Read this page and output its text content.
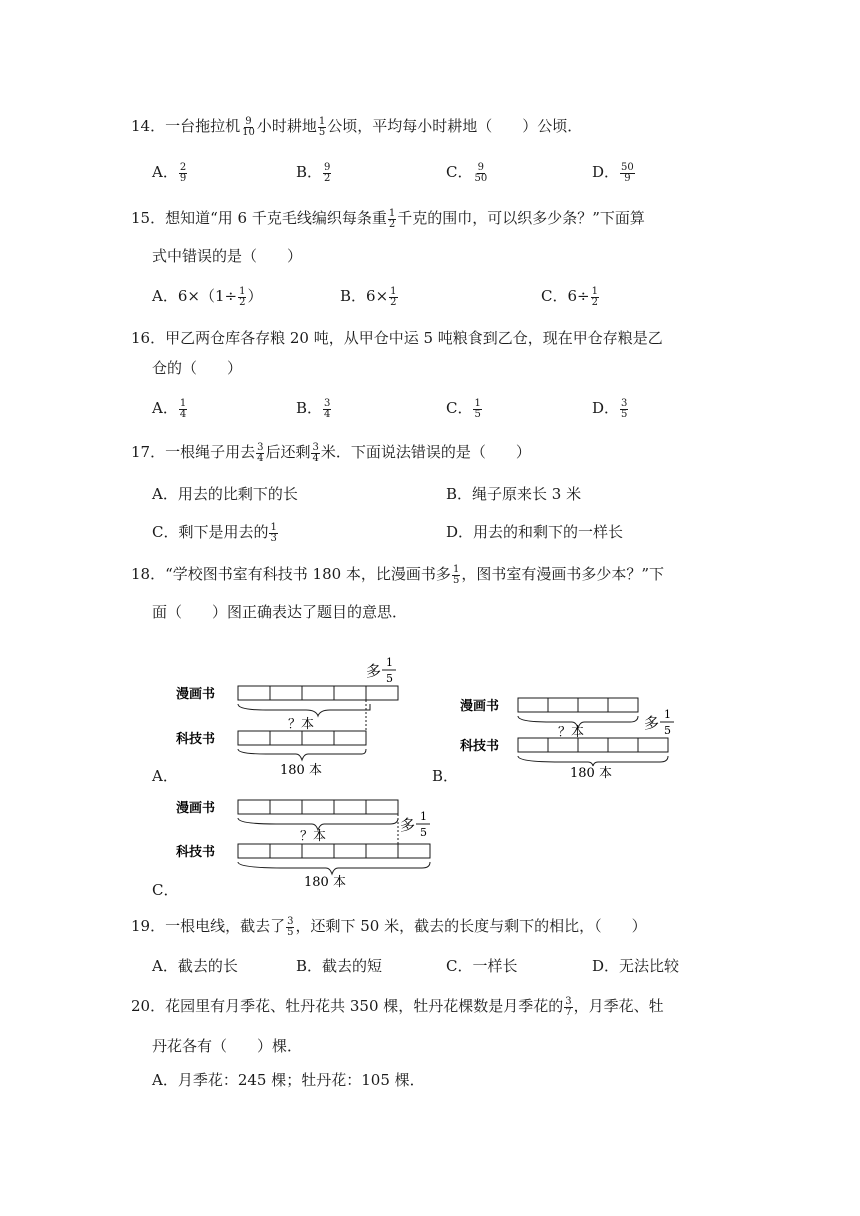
14．一台拖拉机 $\frac{9}{10}$ 小时耕地 $\frac{1}{5}$ 公顷，平均每小时耕地（　　）公顷．
A． $\frac{2}{9}$	B． $\frac{9}{2}$	C． $\frac{9}{50}$	D． $\frac{50}{9}$
15．想知道“用 6 千克毛线编织每条重 $\frac{1}{2}$ 千克的围巾，可以织多少条？”下面算
式中错误的是（　　）
A．$6\times(1\div \frac{1}{2}$ ）	B．$6\times \frac{1}{2}$	C．$6\div \frac{1}{2}$
16．甲乙两仓库各存粮 20 吨，从甲仓中运 5 吨粮食到乙仓，现在甲仓存粮是乙
仓的（　　）
A． $\frac{1}{4}$	B． $\frac{3}{4}$	C． $\frac{1}{5}$	D． $\frac{3}{5}$
17．一根绳子用去 $\frac{3}{4}$ 后还剩 $\frac{3}{4}$ 米．下面说法错误的是（　　）
A．用去的比剩下的长	B．绳子原来长 3 米
C．剩下是用去的 $\frac{1}{3}$	D．用去的和剩下的一样长
18．“学校图书室有科技书 180 本，比漫画书多 $\frac{1}{5}$ ，图书室有漫画书多少本？”下
面（　　）图正确表达了题目的意思．
多 1
5
漫画书
？本
科技书
180 本
A．
漫画书
？本
多 1
5
科技书
180 本
B．
漫画书
？本
多 1
5
科技书
180 本
C．
19．一根电线，截去了 $\frac{3}{5}$ ，还剩下 50 米，截去的长度与剩下的相比，（　　）
A．截去的长	B．截去的短	C．一样长	D．无法比较
20．花园里有月季花、牡丹花共 350 棵，牡丹花棵数是月季花的 $\frac{3}{7}$ ，月季花、牡
丹花各有（　　）棵．
A．月季花：245 棵；牡丹花：105 棵．
